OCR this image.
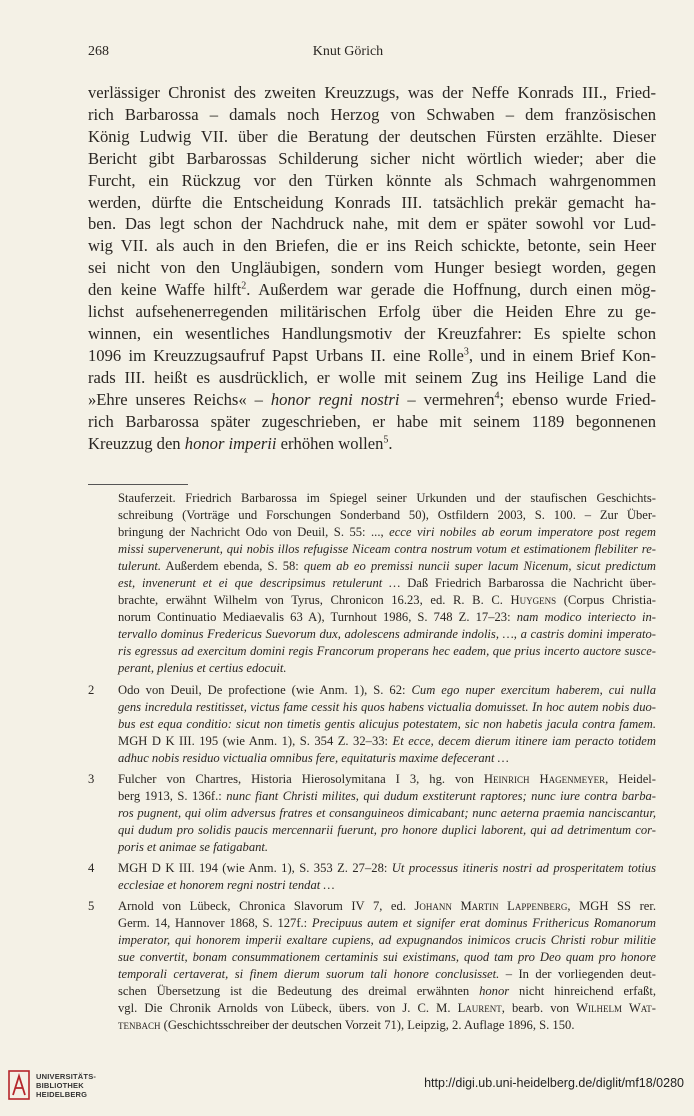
268	Knut Görich
verlässiger Chronist des zweiten Kreuzzugs, was der Neffe Konrads III., Fried-
rich Barbarossa – damals noch Herzog von Schwaben – dem französischen
König Ludwig VII. über die Beratung der deutschen Fürsten erzählte. Dieser
Bericht gibt Barbarossas Schilderung sicher nicht wörtlich wieder; aber die
Furcht, ein Rückzug vor den Türken könnte als Schmach wahrgenommen
werden, dürfte die Entscheidung Konrads III. tatsächlich prekär gemacht ha-
ben. Das legt schon der Nachdruck nahe, mit dem er später sowohl vor Lud-
wig VII. als auch in den Briefen, die er ins Reich schickte, betonte, sein Heer
sei nicht von den Ungläubigen, sondern vom Hunger besiegt worden, gegen
den keine Waffe hilft$^2$. Außerdem war gerade die Hoffnung, durch einen mög-
lichst aufsehenerregenden militärischen Erfolg über die Heiden Ehre zu ge-
winnen, ein wesentliches Handlungsmotiv der Kreuzfahrer: Es spielte schon
1096 im Kreuzzugsaufruf Papst Urbans II. eine Rolle$^3$, und in einem Brief Kon-
rads III. heißt es ausdrücklich, er wolle mit seinem Zug ins Heilige Land die
»Ehre unseres Reichs« – honor regni nostri – vermehren$^4$; ebenso wurde Fried-
rich Barbarossa später zugeschrieben, er habe mit seinem 1189 begonnenen
Kreuzzug den honor imperii erhöhen wollen$^5$.
Stauferzeit. Friedrich Barbarossa im Spiegel seiner Urkunden und der staufischen Geschichts-
schreibung (Vorträge und Forschungen Sonderband 50), Ostfildern 2003, S. 100. – Zur Über-
bringung der Nachricht Odo von Deuil, S. 55: ..., ecce viri nobiles ab eorum imperatore post regem
missi supervenerunt, qui nobis illos refugisse Niceam contra nostrum votum et estimationem flebiliter re-
tulerunt. Außerdem ebenda, S. 58: quem ab eo premissi nuncii super lacum Nicenum, sicut predictum
est, invenerunt et ei que descripsimus retulerunt … Daß Friedrich Barbarossa die Nachricht über-
brachte, erwähnt Wilhelm von Tyrus, Chronicon 16.23, ed. R. B. C. Huygens (Corpus Christia-
norum Continuatio Mediaevalis 63 A), Turnhout 1986, S. 748 Z. 17–23: nam modico interiecto in-
tervallo dominus Fredericus Suevorum dux, adolescens admirande indolis, …, a castris domini imperato-
ris egressus ad exercitum domini regis Francorum properans hec eadem, que prius incerto auctore susce-
perant, plenius et certius edocuit.
2 Odo von Deuil, De profectione (wie Anm. 1), S. 62: Cum ego nuper exercitum haberem, cui nulla
gens incredula restitisset, victus fame cessit his quos habens victualia domuisset. In hoc autem nobis duo-
bus est equa conditio: sicut non timetis gentis alicujus potestatem, sic non habetis jacula contra famem.
MGH D K III. 195 (wie Anm. 1), S. 354 Z. 32–33: Et ecce, decem dierum itinere iam peracto totidem
adhuc nobis residuo victualia omnibus fere, equitaturis maxime defecerant …
3 Fulcher von Chartres, Historia Hierosolymitana I 3, hg. von Heinrich Hagenmeyer, Heidel-
berg 1913, S. 136f.: nunc fiant Christi milites, qui dudum exstiterunt raptores; nunc iure contra barba-
ros pugnent, qui olim adversus fratres et consanguineos dimicabant; nunc aeterna praemia nanciscantur,
qui dudum pro solidis paucis mercennarii fuerunt, pro honore duplici laborent, qui ad detrimentum cor-
poris et animae se fatigabant.
4 MGH D K III. 194 (wie Anm. 1), S. 353 Z. 27–28: Ut processus itineris nostri ad prosperitatem totius
ecclesiae et honorem regni nostri tendat …
5 Arnold von Lübeck, Chronica Slavorum IV 7, ed. Johann Martin Lappenberg, MGH SS rer.
Germ. 14, Hannover 1868, S. 127f.: Precipuus autem et signifer erat dominus Frithericus Romanorum
imperator, qui honorem imperii exaltare cupiens, ad expugnandos inimicos crucis Christi robur militie
sue convertit, bonam consummationem certaminis sui existimans, quod tam pro Deo quam pro honore
temporali certaverat, si finem dierum suorum tali honore conclusisset. – In der vorliegenden deut-
schen Übersetzung ist die Bedeutung des dreimal erwähnten honor nicht hinreichend erfaßt,
vgl. Die Chronik Arnolds von Lübeck, übers. von J. C. M. Laurent, bearb. von Wilhelm Wat-
tenbach (Geschichtsschreiber der deutschen Vorzeit 71), Leipzig, 2. Auflage 1896, S. 150.
UNIVERSITÄTS-
BIBLIOTHEK
HEIDELBERG
http://digi.ub.uni-heidelberg.de/diglit/mf18/0280
